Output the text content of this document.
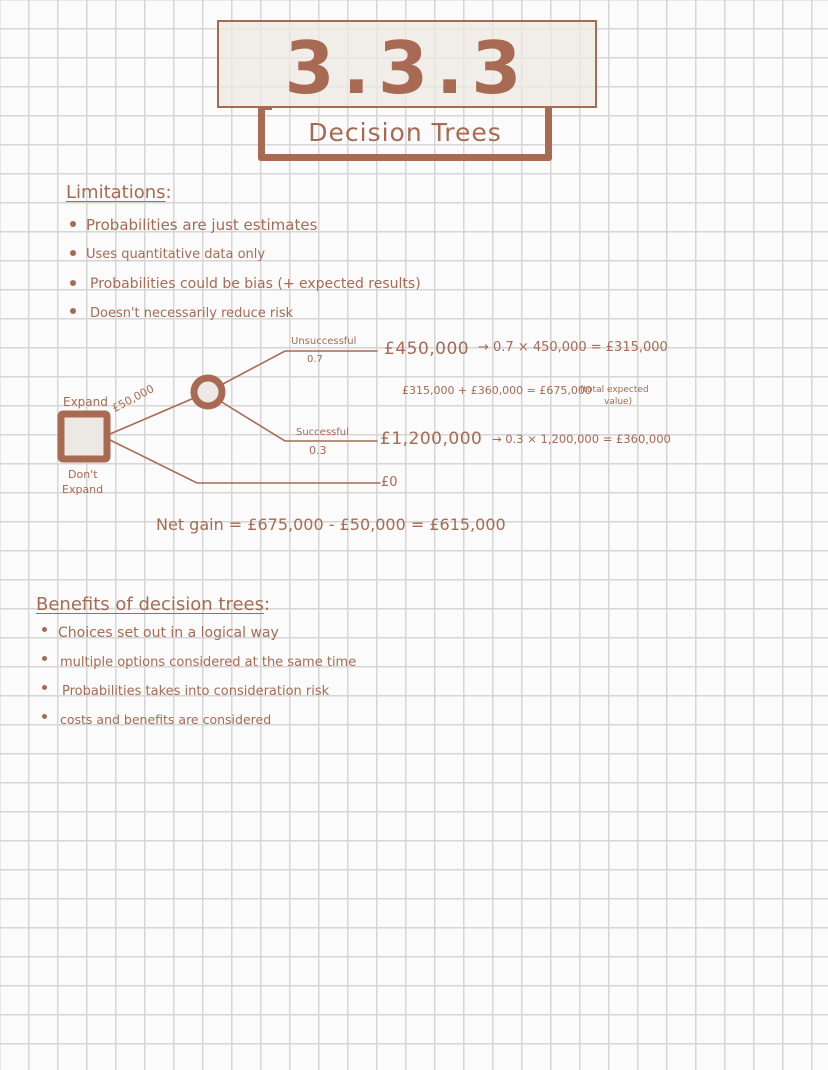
3.3.3
Decision Trees
Limitations:
Probabilities are just estimates
Uses quantitative data only
Probabilities could be bias (+ expected results)
Doesn't necessarily reduce risk
Expand
Don't
Expand
£50,000
Unsuccessful
0.7
£450,000 → 0.7 × 450,000 = £315,000
£315,000 + £360,000 = £675,000
(total expected
value)
Successful
0.3
£1,200,000 → 0.3 × 1,200,000 = £360,000
£0
Net gain = £675,000 - £50,000 = £615,000
Benefits of decision trees:
Choices set out in a logical way
multiple options considered at the same time
Probabilities takes into consideration risk
costs and benefits are considered
